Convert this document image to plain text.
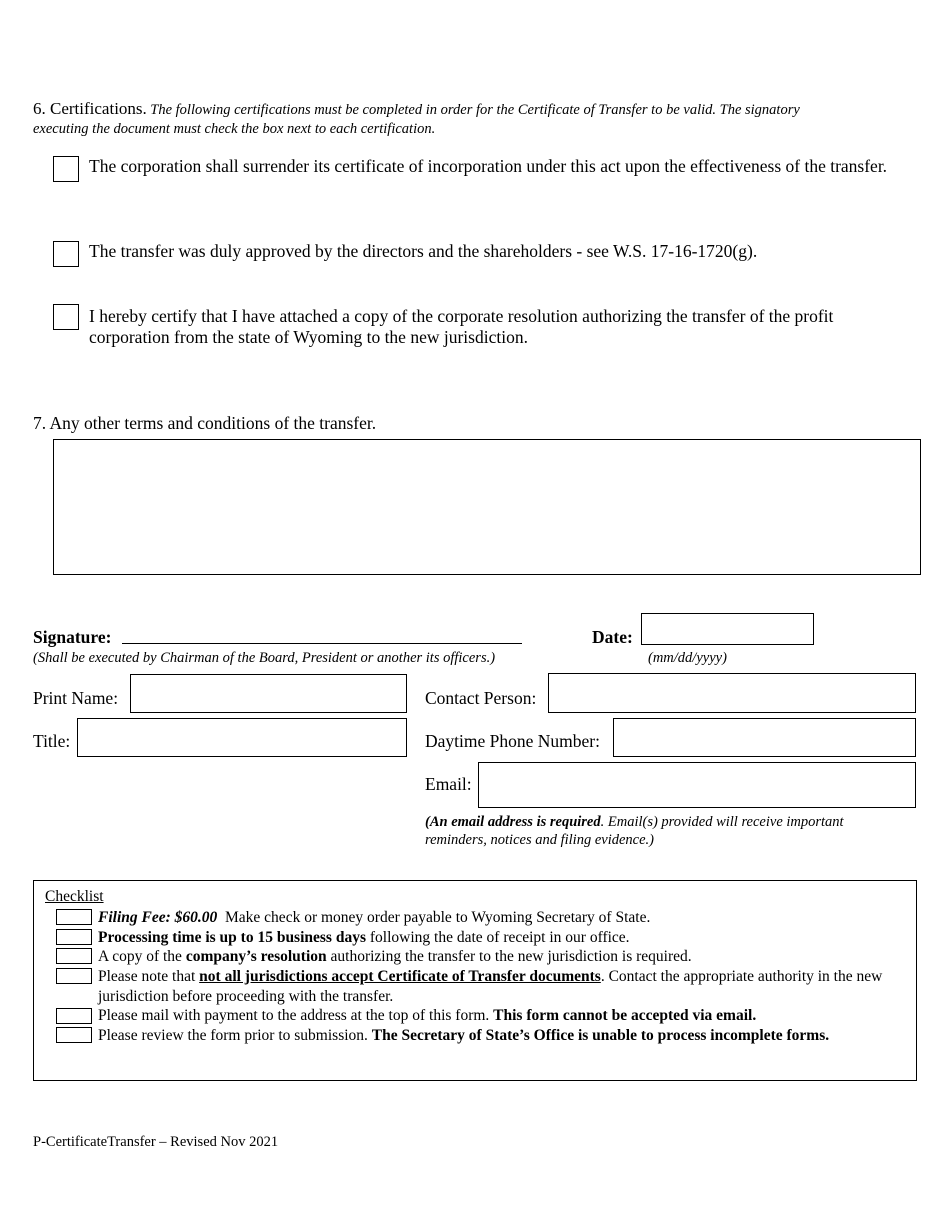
6. Certifications. The following certifications must be completed in order for the Certificate of Transfer to be valid. The signatory executing the document must check the box next to each certification.
The corporation shall surrender its certificate of incorporation under this act upon the effectiveness of the transfer.
The transfer was duly approved by the directors and the shareholders - see W.S. 17-16-1720(g).
I hereby certify that I have attached a copy of the corporate resolution authorizing the transfer of the profit corporation from the state of Wyoming to the new jurisdiction.
7. Any other terms and conditions of the transfer.
Signature:
(Shall be executed by Chairman of the Board, President or another its officers.)
Date:
(mm/dd/yyyy)
Print Name:
Title:
Contact Person:
Daytime Phone Number:
Email:
(An email address is required. Email(s) provided will receive important reminders, notices and filing evidence.)
Checklist
Filing Fee: $60.00  Make check or money order payable to Wyoming Secretary of State.
Processing time is up to 15 business days following the date of receipt in our office.
A copy of the company’s resolution authorizing the transfer to the new jurisdiction is required.
Please note that not all jurisdictions accept Certificate of Transfer documents. Contact the appropriate authority in the new jurisdiction before proceeding with the transfer.
Please mail with payment to the address at the top of this form. This form cannot be accepted via email.
Please review the form prior to submission. The Secretary of State’s Office is unable to process incomplete forms.
P-CertificateTransfer – Revised Nov 2021
